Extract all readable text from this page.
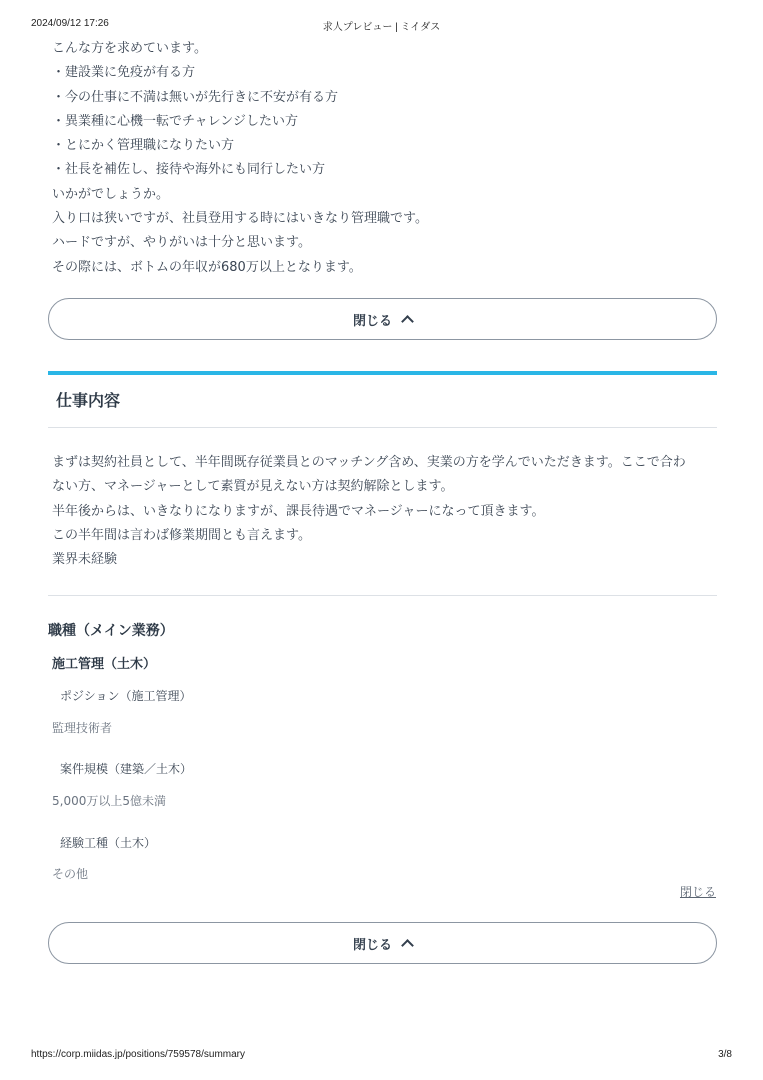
2024/09/12 17:26	求人プレビュー | ミイダス
こんな方を求めています。
・建設業に免疫が有る方
・今の仕事に不満は無いが先行きに不安が有る方
・異業種に心機一転でチャレンジしたい方
・とにかく管理職になりたい方
・社長を補佐し、接待や海外にも同行したい方
いかがでしょうか。
入り口は狭いですが、社員登用する時にはいきなり管理職です。
ハードですが、やりがいは十分と思います。
その際には、ボトムの年収が680万以上となります。
閉じる
仕事内容
まずは契約社員として、半年間既存従業員とのマッチング含め、実業の方を学んでいただきます。ここで合わ
ない方、マネージャーとして素質が見えない方は契約解除とします。
半年後からは、いきなりになりますが、課長待遇でマネージャーになって頂きます。
この半年間は言わば修業期間とも言えます。
業界未経験
職種（メイン業務）
施工管理（土木）
ポジション（施工管理）
監理技術者
案件規模（建築／土木）
5,000万以上5億未満
経験工種（土木）
その他
閉じる
閉じる
https://corp.miidas.jp/positions/759578/summary	3/8
